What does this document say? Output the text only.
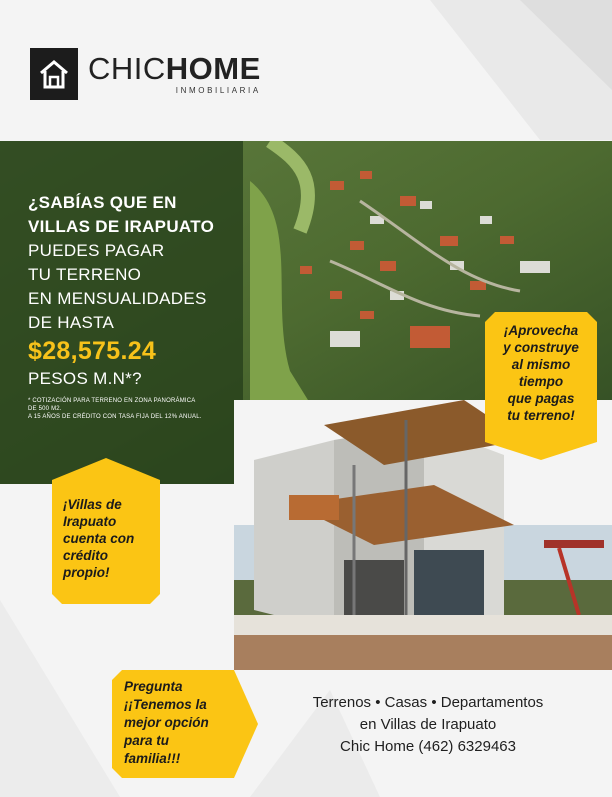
CHICHOME
INMOBILIARIA
¿SABÍAS QUE EN
VILLAS DE IRAPUATO
PUEDES PAGAR
TU TERRENO
EN MENSUALIDADES
DE HASTA
$28,575.24
PESOS M.N*?
* COTIZACIÓN PARA TERRENO EN ZONA PANORÁMICA
DE 500 M2.
A 15 AÑOS DE CRÉDITO CON TASA FIJA DEL 12% ANUAL.
¡Aprovecha
y construye
al mismo
tiempo
que pagas
tu terreno!
¡Villas de
Irapuato
cuenta con
crédito
propio!
Pregunta
¡¡Tenemos la
mejor opción
para tu
familia!!!
Terrenos • Casas • Departamentos
en Villas de Irapuato
Chic Home (462) 6329463
